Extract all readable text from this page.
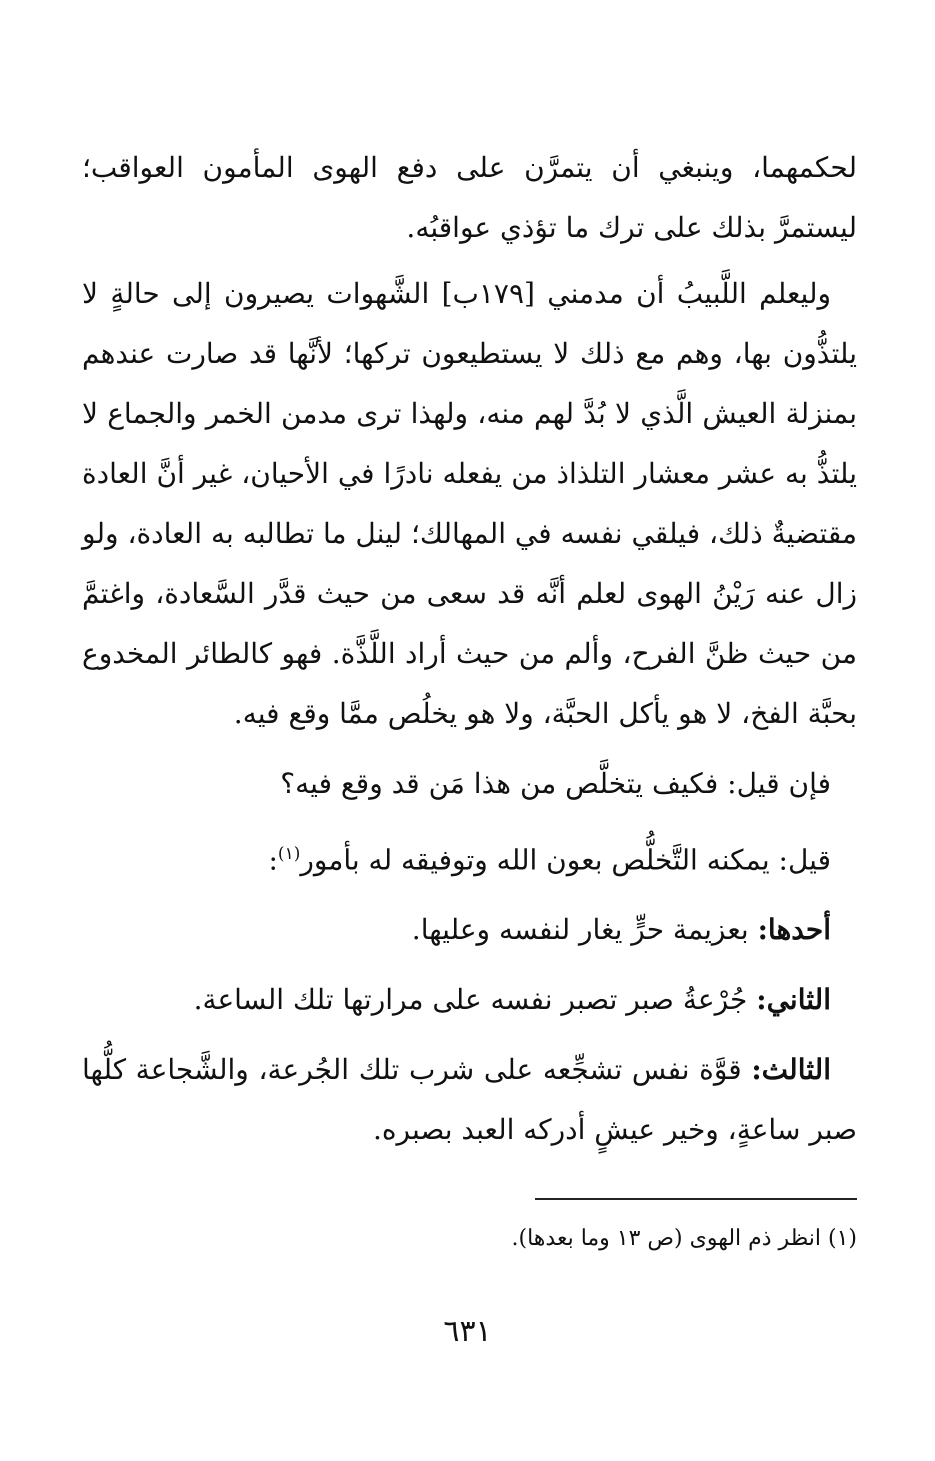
لحكمهما، وينبغي أن يتمرَّن على دفع الهوى المأمون العواقب؛ ليستمرَّ بذلك على ترك ما تؤذي عواقبُه.

وليعلم اللَّبيبُ أن مدمني [١٧٩ب] الشَّهوات يصيرون إلى حالةٍ لا يلتذُّون بها، وهم مع ذلك لا يستطيعون تركها؛ لأنَّها قد صارت عندهم بمنزلة العيش الَّذي لا بُدَّ لهم منه، ولهذا ترى مدمن الخمر والجماع لا يلتذُّ به عشر معشار التلذاذ من يفعله نادرًا في الأحيان، غير أنَّ العادة مقتضيةٌ ذلك، فيلقي نفسه في المهالك؛ لينل ما تطالبه به العادة، ولو زال عنه رَيْنُ الهوى لعلم أنَّه قد سعى من حيث قدَّر السَّعادة، واغتمَّ من حيث ظنَّ الفرح، وألم من حيث أراد اللَّذَّة. فهو كالطائر المخدوع بحبَّة الفخ، لا هو يأكل الحبَّة، ولا هو يخلُص ممَّا وقع فيه.

فإن قيل: فكيف يتخلَّص من هذا مَن قد وقع فيه؟

قيل: يمكنه التَّخلُّص بعون الله وتوفيقه له بأمور$^{(١)}$:

أحدها: بعزيمة حرٍّ يغار لنفسه وعليها.

الثاني: جُرْعةُ صبر تصبر نفسه على مرارتها تلك الساعة.

الثالث: قوَّة نفس تشجِّعه على شرب تلك الجُرعة، والشَّجاعة كلُّها صبر ساعةٍ، وخير عيشٍ أدركه العبد بصبره.

(١) انظر ذم الهوى (ص ١٣ وما بعدها).
٦٣١
